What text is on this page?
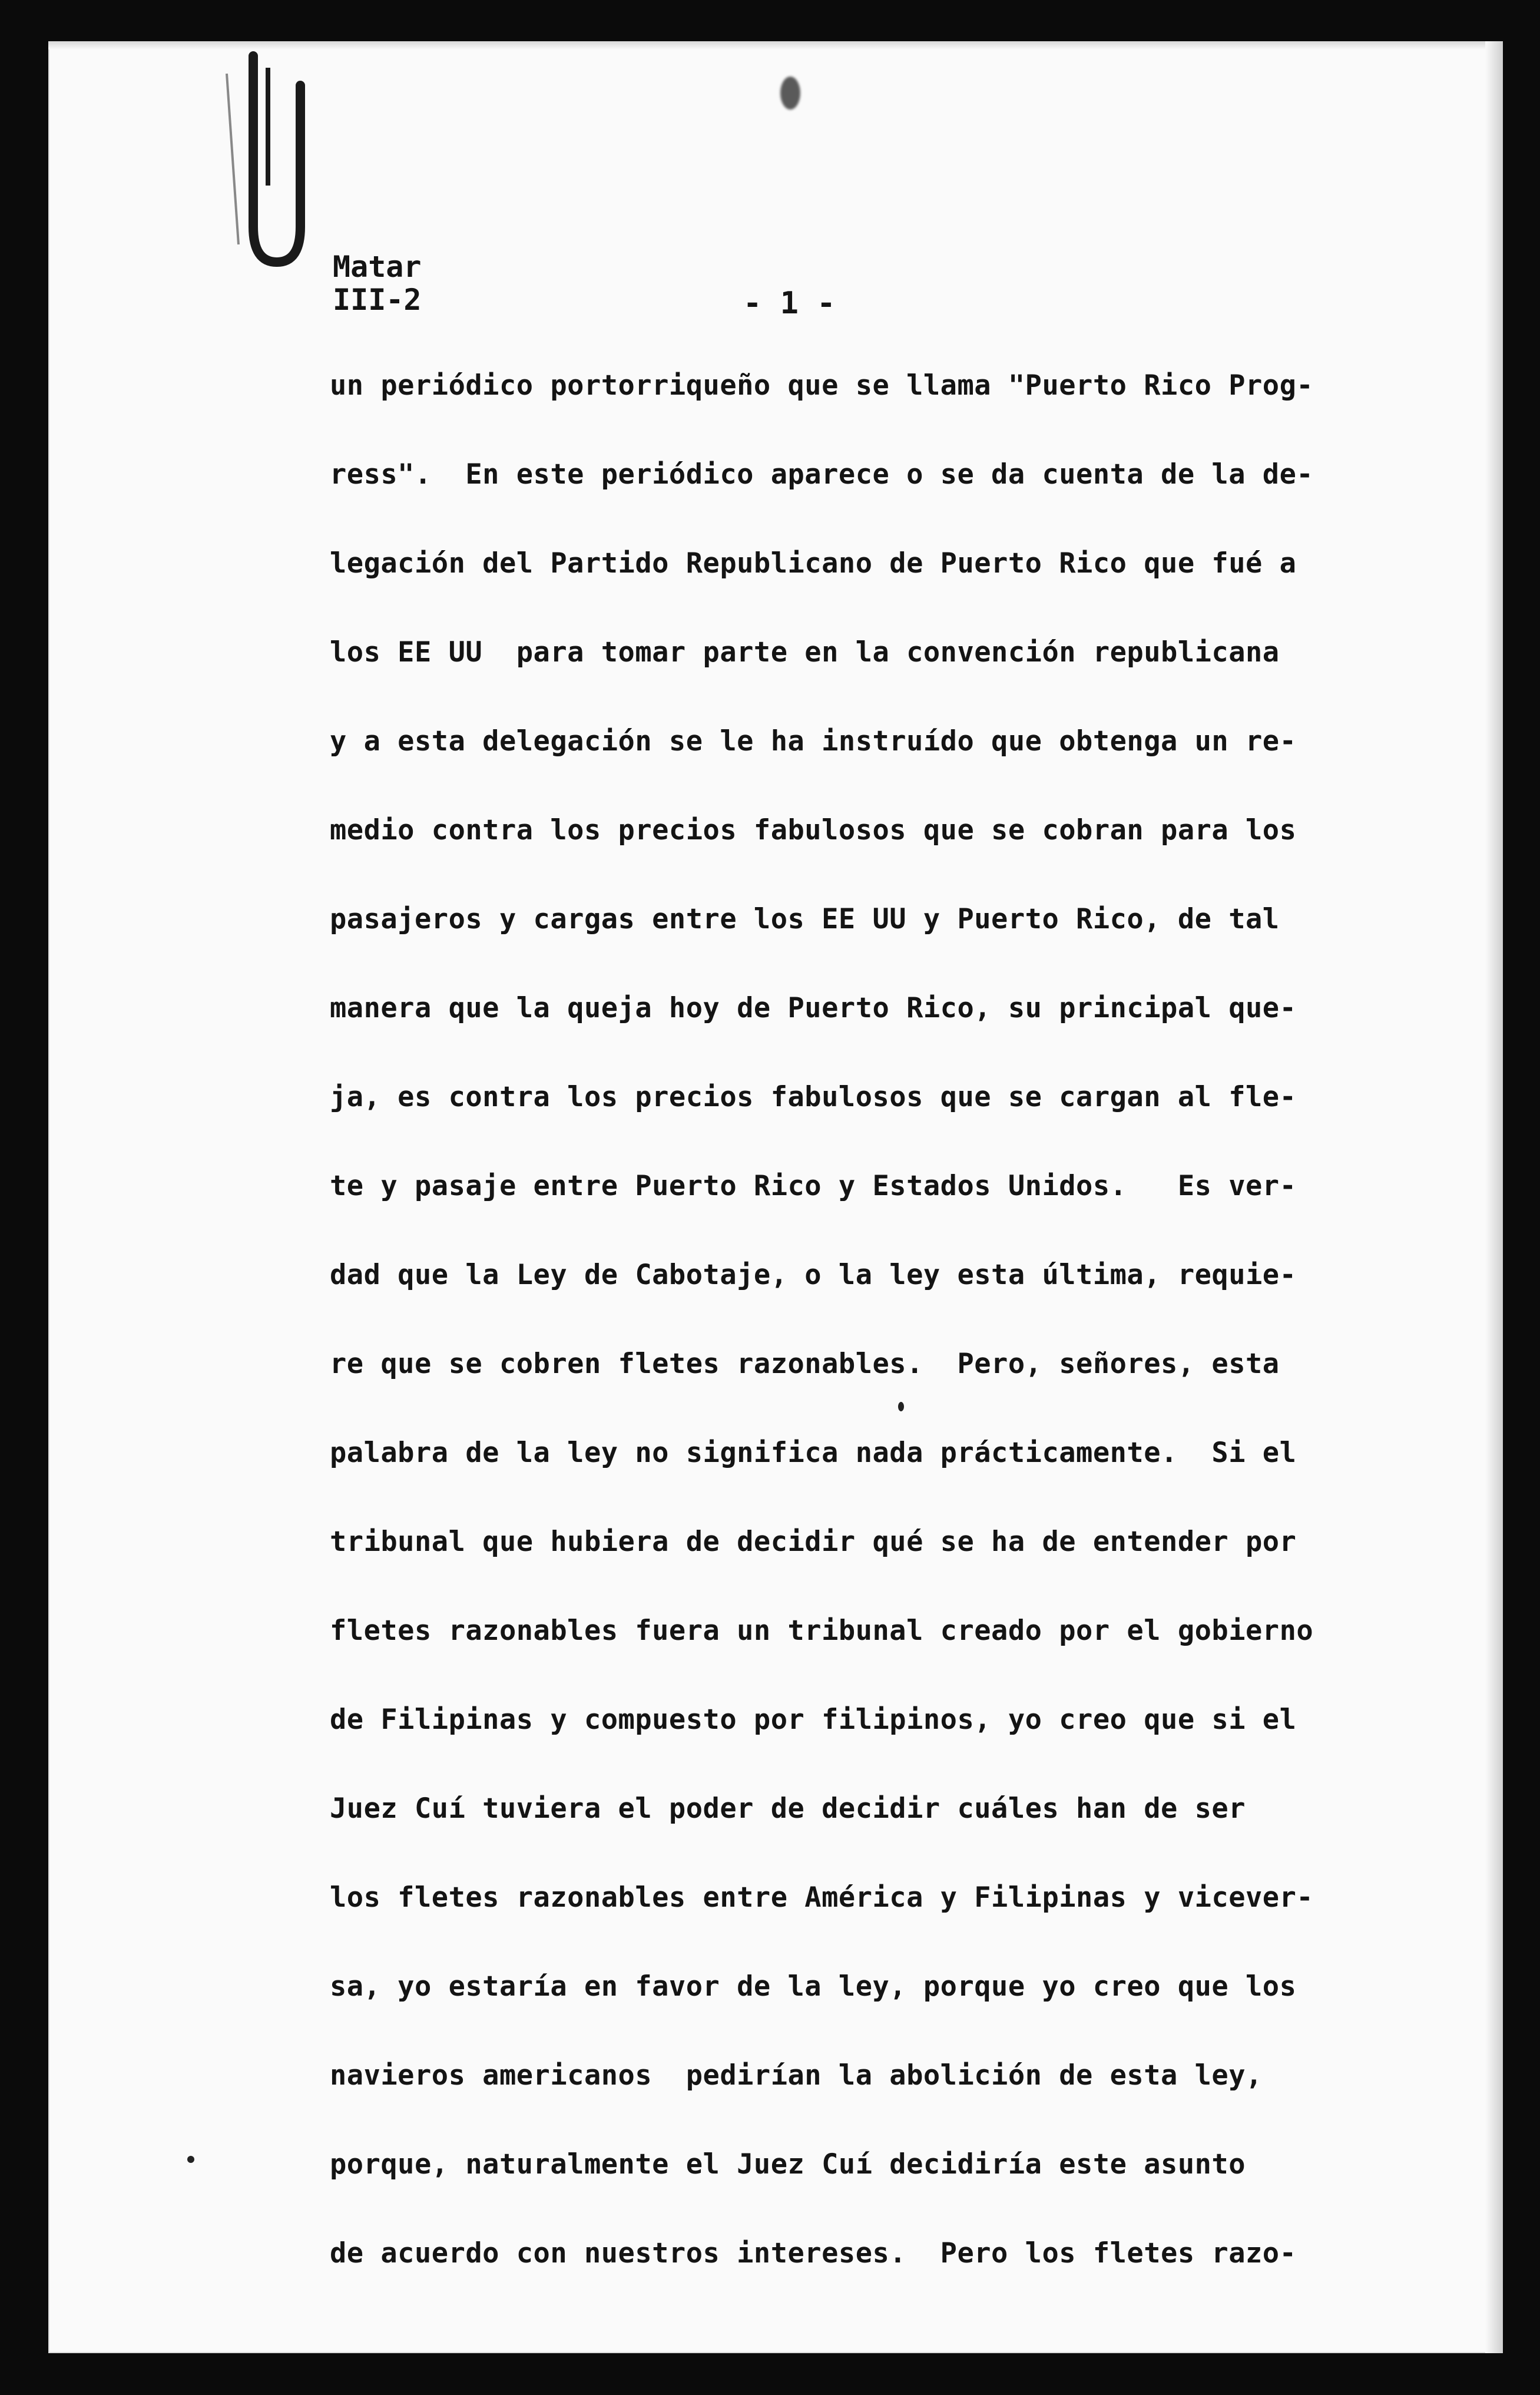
Matar
III-2	- 1 -
un periódico portorriqueño que se llama "Puerto Rico Prog-
ress".  En este periódico aparece o se da cuenta de la de-
legación del Partido Republicano de Puerto Rico que fué a
los EE UU  para tomar parte en la convención republicana
y a esta delegación se le ha instruído que obtenga un re-
medio contra los precios fabulosos que se cobran para los
pasajeros y cargas entre los EE UU y Puerto Rico, de tal
manera que la queja hoy de Puerto Rico, su principal que-
ja, es contra los precios fabulosos que se cargan al fle-
te y pasaje entre Puerto Rico y Estados Unidos.   Es ver-
dad que la Ley de Cabotaje, o la ley esta última, requie-
re que se cobren fletes razonables.  Pero, señores, esta
palabra de la ley no significa nada prácticamente.  Si el
tribunal que hubiera de decidir qué se ha de entender por
fletes razonables fuera un tribunal creado por el gobierno
de Filipinas y compuesto por filipinos, yo creo que si el
Juez Cuí tuviera el poder de decidir cuáles han de ser
los fletes razonables entre América y Filipinas y vicever-
sa, yo estaría en favor de la ley, porque yo creo que los
navieros americanos  pedirían la abolición de esta ley,
porque, naturalmente el Juez Cuí decidiría este asunto
de acuerdo con nuestros intereses.  Pero los fletes razo-
